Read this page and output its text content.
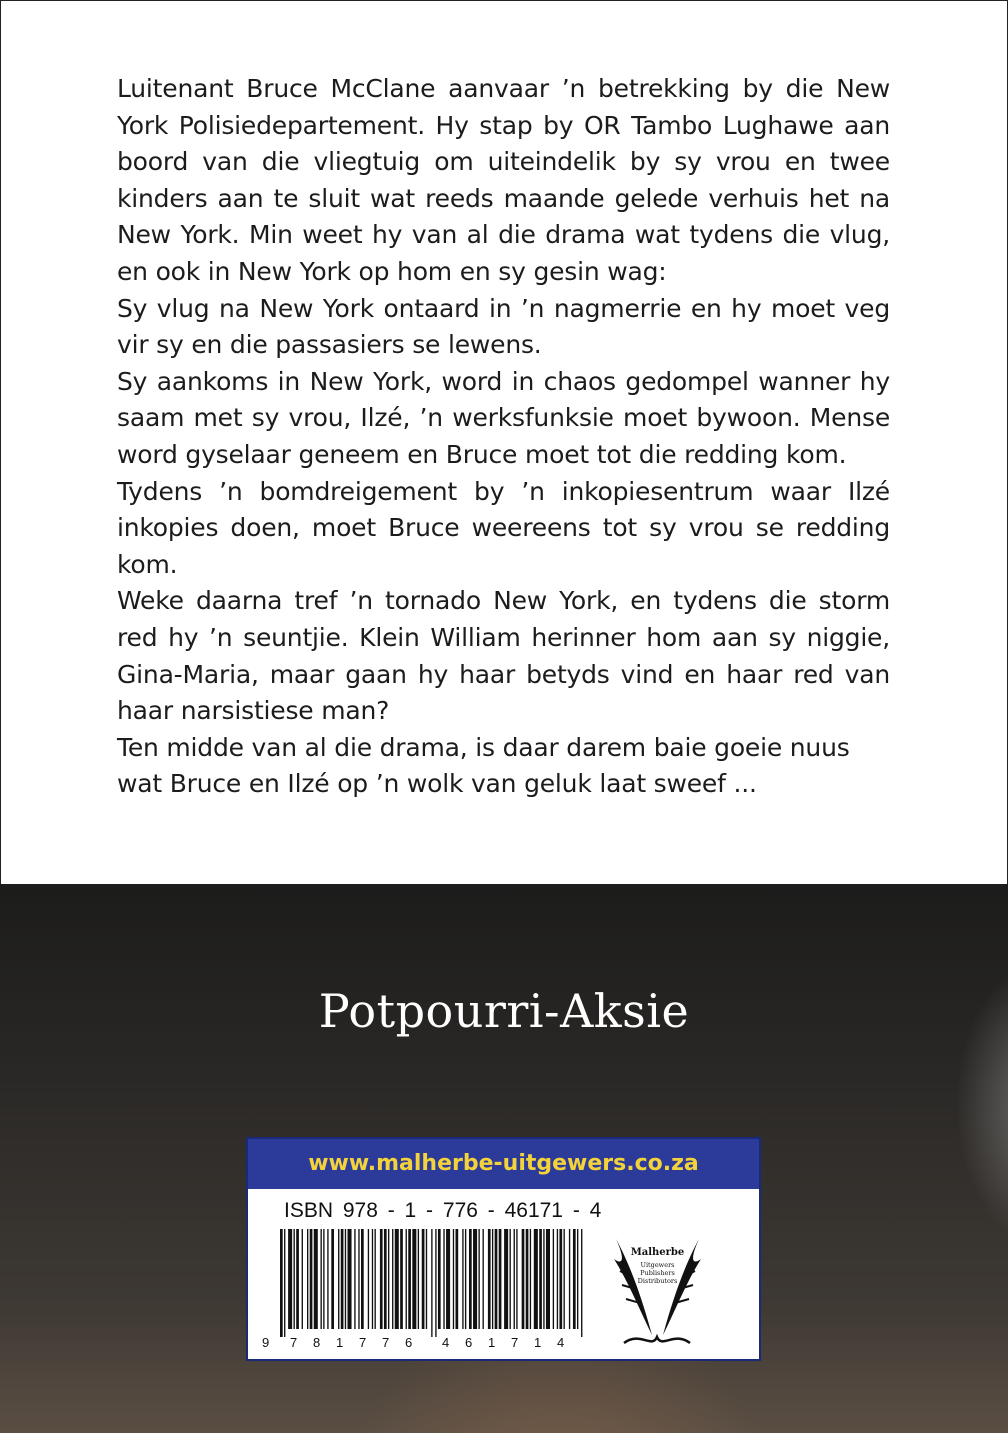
Luitenant Bruce McClane aanvaar ’n betrekking by die New York Polisiedepartement. Hy stap by OR Tambo Lughawe aan boord van die vliegtuig om uiteindelik by sy vrou en twee kinders aan te sluit wat reeds maande gelede verhuis het na New York. Min weet hy van al die drama wat tydens die vlug, en ook in New York op hom en sy gesin wag:

Sy vlug na New York ontaard in ’n nagmerrie en hy moet veg vir sy en die passasiers se lewens.

Sy aankoms in New York, word in chaos gedompel wanner hy saam met sy vrou, Ilzé, ’n werksfunksie moet bywoon. Mense word gyselaar geneem en Bruce moet tot die redding kom.

Tydens ’n bomdreigement by ’n inkopiesentrum waar Ilzé inkopies doen, moet Bruce weereens tot sy vrou se redding kom.

Weke daarna tref ’n tornado New York, en tydens die storm red hy ’n seuntjie. Klein William herinner hom aan sy niggie, Gina-Maria, maar gaan hy haar betyds vind en haar red van haar narsistiese man?

Ten midde van al die drama, is daar darem baie goeie nuus wat Bruce en Ilzé op ’n wolk van geluk laat sweef ...

Potpourri-Aksie
www.malherbe-uitgewers.co.za
ISBN 978 - 1 - 776 - 46171 - 4
9 7 8 1 7 7 6 4 6 1 7 1 4
Malherbe
Uitgewers
Publishers
Distributors
